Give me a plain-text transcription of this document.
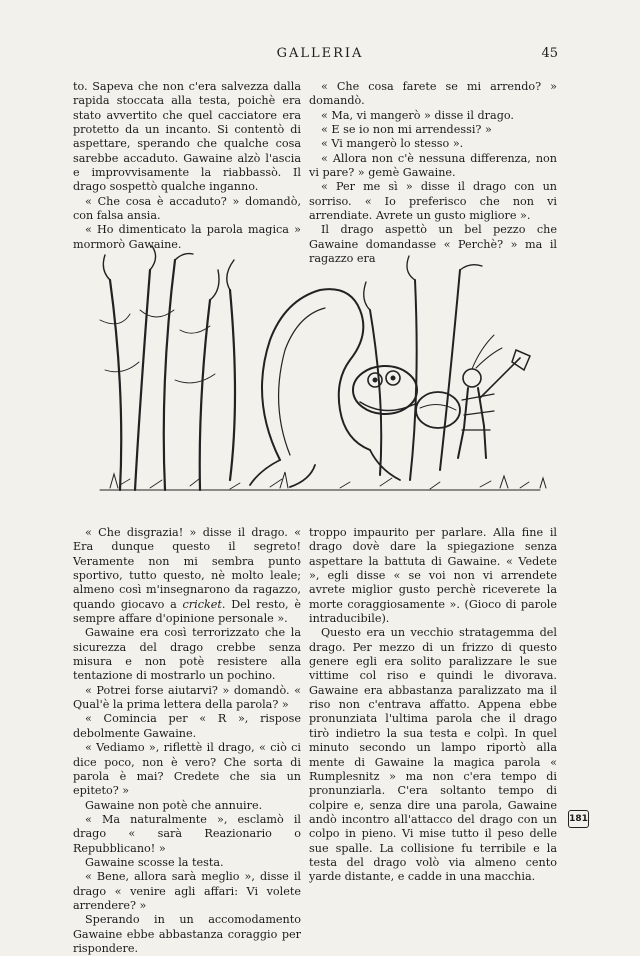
GALLERIA	45

to. Sapeva che non c'era salvezza dalla rapida stoccata alla testa, poichè era stato avvertito che quel cacciatore era protetto da un incanto. Si contentò di aspettare, sperando che qualche cosa sarebbe accaduto. Gawaine alzò l'ascia e improvvisamente la riabbassò. Il drago sospettò qualche inganno.

« Che cosa è accaduto? » domandò, con falsa ansia.

« Ho dimenticato la parola magica » mormorò Gawaine.

« Che cosa farete se mi arrendo? » domandò.

« Ma, vi mangerò » disse il drago.

« E se io non mi arrendessi? »

« Vi mangerò lo stesso ».

« Allora non c'è nessuna differenza, non vi pare? » gemè Gawaine.

« Per me sì » disse il drago con un sorriso. « Io preferisco che non vi arrendiate. Avrete un gusto migliore ».

Il drago aspettò un bel pezzo che Gawaine domandasse « Perchè? » ma il ragazzo era

« Che disgrazia! » disse il drago. « Era dunque questo il segreto! Veramente non mi sembra punto sportivo, tutto questo, nè molto leale; almeno così m'insegnarono da ragazzo, quando giocavo a cricket. Del resto, è sempre affare d'opinione personale ».

Gawaine era così terrorizzato che la sicurezza del drago crebbe senza misura e non potè resistere alla tentazione di mostrarlo un pochino.

« Potrei forse aiutarvi? » domandò. « Qual'è la prima lettera della parola? »

« Comincia per « R », rispose debolmente Gawaine.

« Vediamo », riflettè il drago, « ciò ci dice poco, non è vero? Che sorta di parola è mai? Credete che sia un epiteto? »

Gawaine non potè che annuire.

« Ma naturalmente », esclamò il drago « sarà Reazionario o Repubblicano! »

Gawaine scosse la testa.

« Bene, allora sarà meglio », disse il drago « venire agli affari: Vi volete arrendere? »

Sperando in un accomodamento Gawaine ebbe abbastanza coraggio per rispondere.

troppo impaurito per parlare. Alla fine il drago dovè dare la spiegazione senza aspettare la battuta di Gawaine. « Vedete », egli disse « se voi non vi arrendete avrete miglior gusto perchè riceverete la morte coraggiosamente ». (Gioco di parole intraducibile).

Questo era un vecchio stratagemma del drago. Per mezzo di un frizzo di questo genere egli era solito paralizzare le sue vittime col riso e quindi le divorava. Gawaine era abbastanza paralizzato ma il riso non c'entrava affatto. Appena ebbe pronunziata l'ultima parola che il drago tirò indietro la sua testa e colpì. In quel minuto secondo un lampo riportò alla mente di Gawaine la magica parola « Rumplesnitz » ma non c'era tempo di pronunziarla. C'era soltanto tempo di colpire e, senza dire una parola, Gawaine andò incontro all'attacco del drago con un colpo in pieno. Vi mise tutto il peso delle sue spalle. La collisione fu terribile e la testa del drago volò via almeno cento yarde distante, e cadde in una macchia.

181
